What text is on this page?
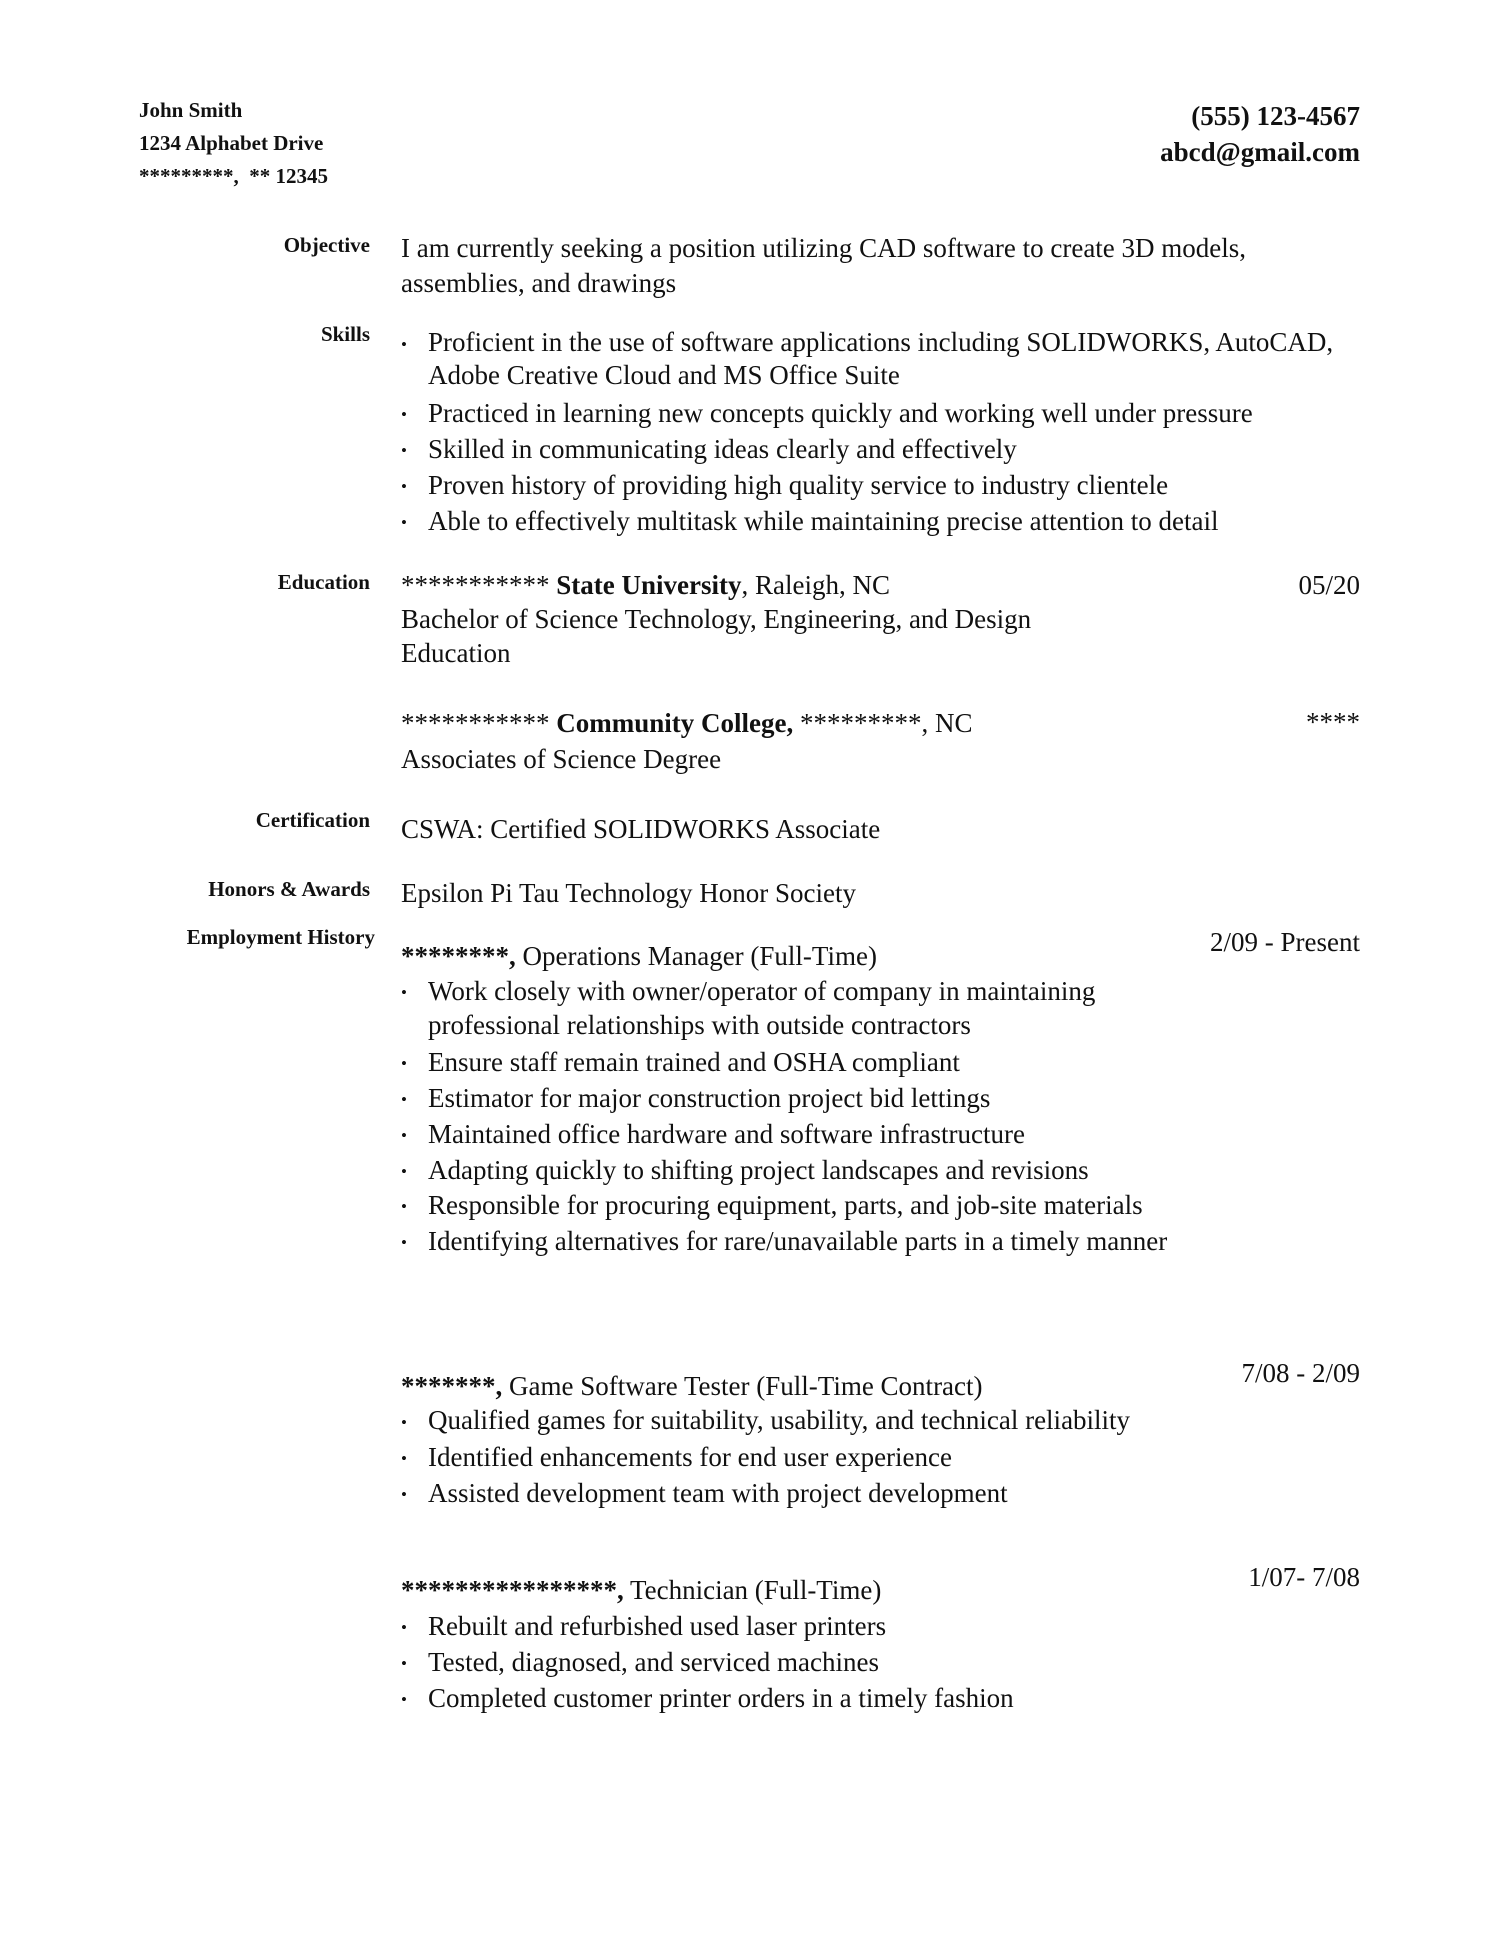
John Smith
1234 Alphabet Drive
*********,  ** 12345
(555) 123-4567
abcd@gmail.com
Objective I am currently seeking a position utilizing CAD software to create 3D models, assemblies, and drawings
Skills	• Proficient in the use of software applications including SOLIDWORKS, AutoCAD, Adobe Creative Cloud and MS Office Suite
• Practiced in learning new concepts quickly and working well under pressure
• Skilled in communicating ideas clearly and effectively
• Proven history of providing high quality service to industry clientele
• Able to effectively multitask while maintaining precise attention to detail
Education *********** State University, Raleigh, NC
Bachelor of Science Technology, Engineering, and Design Education
05/20
*********** Community College, *********, NC
Associates of Science Degree
****
Certification CSWA: Certified SOLIDWORKS Associate
Honors & Awards Epsilon Pi Tau Technology Honor Society
Employment History
********, Operations Manager (Full-Time)
• Work closely with owner/operator of company in maintaining professional relationships with outside contractors
• Ensure staff remain trained and OSHA compliant
• Estimator for major construction project bid lettings
• Maintained office hardware and software infrastructure
• Adapting quickly to shifting project landscapes and revisions
• Responsible for procuring equipment, parts, and job-site materials
• Identifying alternatives for rare/unavailable parts in a timely manner
2/09 - Present
*******, Game Software Tester (Full-Time Contract)
• Qualified games for suitability, usability, and technical reliability
• Identified enhancements for end user experience
• Assisted development team with project development
7/08 - 2/09
****************, Technician (Full-Time)
• Rebuilt and refurbished used laser printers
• Tested, diagnosed, and serviced machines
• Completed customer printer orders in a timely fashion
1/07- 7/08
